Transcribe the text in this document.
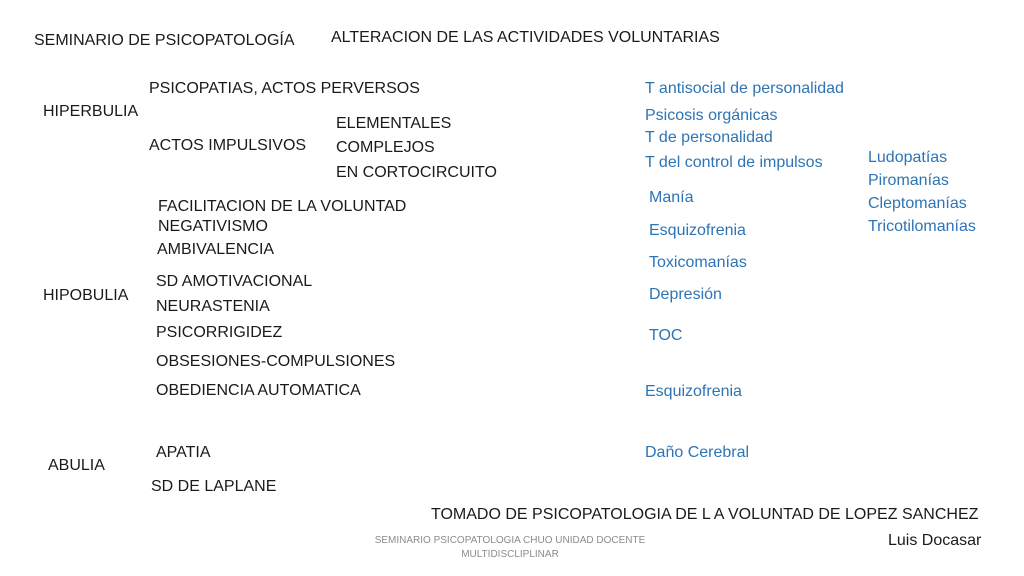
SEMINARIO DE PSICOPATOLOGÍA ALTERACION DE LAS ACTIVIDADES VOLUNTARIAS
HIPERBULIA
HIPOBULIA
ABULIA
PSICOPATIAS, ACTOS PERVERSOS
ACTOS IMPULSIVOS
ELEMENTALES
COMPLEJOS
EN CORTOCIRCUITO
T antisocial de personalidad
Psicosis orgánicas
T de personalidad
T del control de impulsos	Ludopatías
Piromanías
Cleptomanías
Tricotilomanías
FACILITACION DE LA VOLUNTAD
NEGATIVISMO
AMBIVALENCIA
SD AMOTIVACIONAL
NEURASTENIA
PSICORRIGIDEZ
OBSESIONES-COMPULSIONES
OBEDIENCIA AUTOMATICA
Manía
Esquizofrenia
Toxicomanías
Depresión
TOC
Esquizofrenia
APATIA
SD DE LAPLANE
Daño Cerebral
TOMADO DE PSICOPATOLOGIA DE L A VOLUNTAD DE LOPEZ SANCHEZ
Luis Docasar
SEMINARIO PSICOPATOLOGIA CHUO UNIDAD DOCENTE MULTIDISCLIPLINAR
